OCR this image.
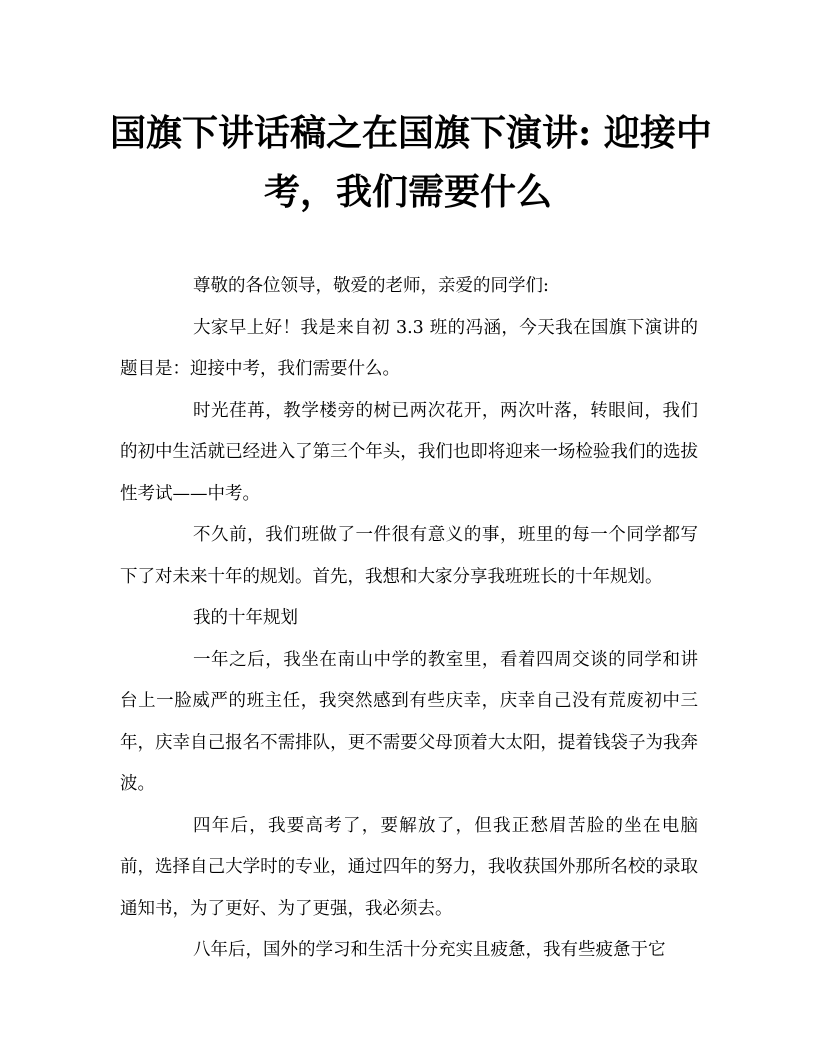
国旗下讲话稿之在国旗下演讲: 迎接中
考，我们需要什么

尊敬的各位领导，敬爱的老师，亲爱的同学们:

大家早上好！我是来自初 3.3 班的冯涵，今天我在国旗下演讲的题目是：迎接中考，我们需要什么。

时光荏苒，教学楼旁的树已两次花开，两次叶落，转眼间，我们的初中生活就已经进入了第三个年头，我们也即将迎来一场检验我们的选拔性考试——中考。

不久前，我们班做了一件很有意义的事，班里的每一个同学都写下了对未来十年的规划。首先，我想和大家分享我班班长的十年规划。

我的十年规划

一年之后，我坐在南山中学的教室里，看着四周交谈的同学和讲台上一脸威严的班主任，我突然感到有些庆幸，庆幸自己没有荒废初中三年，庆幸自己报名不需排队，更不需要父母顶着大太阳，提着钱袋子为我奔波。

四年后，我要高考了，要解放了，但我正愁眉苦脸的坐在电脑前，选择自己大学时的专业，通过四年的努力，我收获国外那所名校的录取通知书，为了更好、为了更强，我必须去。

八年后，国外的学习和生活十分充实且疲惫，我有些疲惫于它
